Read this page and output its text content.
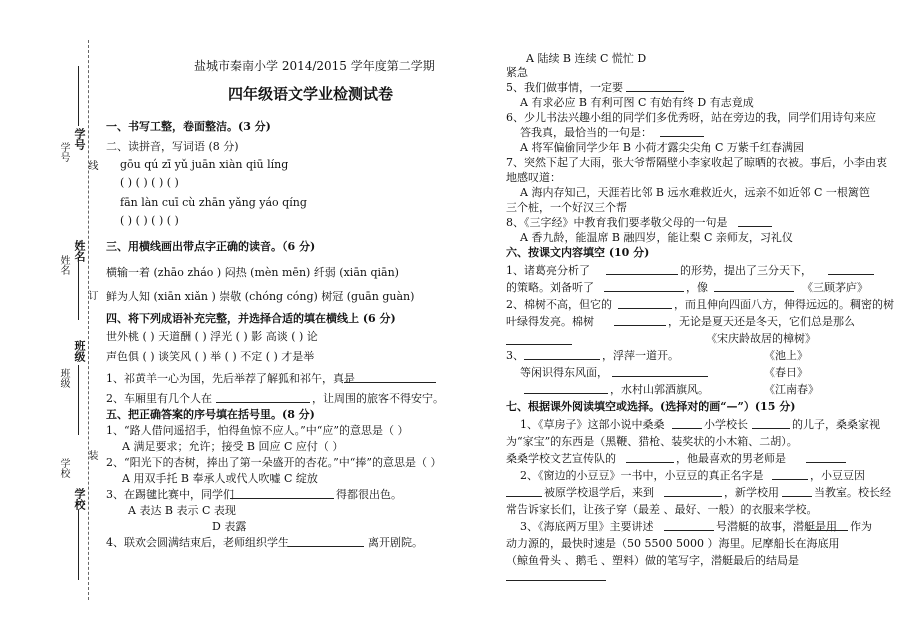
学号
学号
线
姓名
姓名
订
班级
班级
装
学校
学校
盐城市秦南小学 2014/2015 学年度第二学期
四年级语文学业检测试卷
一、书写工整，卷面整洁。(3 分)
二、读拼音，写词语 (8 分)
gōu qú zī yǔ juān xiàn qiū líng
( ) ( ) ( ) ( )
fān làn cuī cù zhān yǎng yáo qíng
( ) ( ) ( ) ( )
三、用横线画出带点字正确的读音。（6 分)
横输一着 (zhāo zháo ) 闷热 (mèn mēn) 纤弱 (xiān qiān)
鲜为人知 (xiān xiǎn ) 崇敬 (chóng cóng) 树冠 (guān guàn)
四、将下列成语补充完整，并选择合适的填在横线上 (6 分)
世外桃 ( ) 天道酬 ( ) 浮光 ( ) 影 高谈 ( ) 论
声色俱 ( ) 谈笑风 ( ) 举 ( ) 不定 ( ) 才是举
1、祁黄羊一心为国，先后举荐了解狐和祁午，真是
2、车厢里有几个人在	，让周围的旅客不得安宁。
五、把正确答案的序号填在括号里。(8 分)
1、“路人借问遥招手，怕得鱼惊不应人。”中“应”的意思是（ ）
A 满足要求；允许；接受 B 回应 C 应付（ ）
2、“阳光下的杏树，捧出了第一朵盛开的杏花。”中“捧”的意思是（ ）
A 用双手托 B 奉承人或代人吹嘘 C 绽放
3、在踢毽比赛中，同学们	得都很出色。
A 表达 B 表示 C 表现
D 表露
4、联欢会圆满结束后，老师组织学生	离开剧院。
A 陆续 B 连续 C 慌忙 D
紧急
5、我们做事情，一定要
A 有求必应 B 有利可图 C 有始有终 D 有志竟成
6、少儿书法兴趣小组的同学们多优秀呀，站在旁边的我，同学们用诗句来应
答我真，最恰当的一句是：
A 将军偏偷同学少年 B 小荷才露尖尖角 C 万紫千红春满园
7、突然下起了大雨，张大爷帮隔壁小李家收起了晾晒的衣被。事后，小李由衷
地感叹道：
A 海内存知己，天涯若比邻 B 远水难救近火，远亲不如近邻 C 一根篱笆
三个桩，一个好汉三个帮
8、《三字经》中教育我们要孝敬父母的一句是
A 香九龄，能温席 B 融四岁，能让梨 C 亲师友，习礼仪
六、按课文内容填空 (10 分)
1、诸葛亮分析了	的形势，提出了三分天下，
的策略。刘备听了	，像	《三顾茅庐》
2、棉树不高，但它的	，而且伸向四面八方，伸得远远的。稠密的树
叶绿得发亮。棉树	，无论是夏天还是冬天，它们总是那么
《宋庆龄故居的樟树》
3、	，浮萍一道开。	《池上》
等闲识得东风面，	《春日》
，水村山郭酒旗风。	《江南春》
七、根据课外阅读填空或选择。(选择对的画“—”）(15 分)
1、《草房子》这部小说中桑桑	小学校长	的儿子，桑桑家视
为“家宝”的东西是（黑鞭、猎枪、装奖状的小木箱、二胡）。
桑桑学校文艺宣传队的	，他最喜欢的男老师是
2、《窗边的小豆豆》一书中，小豆豆的真正名字是	，小豆豆因
被原学校退学后，来到	，新学校用	当教室。校长经
常告诉家长们，让孩子穿（最差 、最好、一般）的衣服来学校。
3、《海底两万里》主要讲述	号潜艇的故事，潜艇是用 作为
动力源的，最快时速是（50 5500 5000 ）海里。尼摩船长在海底用
（鲸鱼骨头 、鹅毛 、塑料）做的笔写字，潜艇最后的结局是
